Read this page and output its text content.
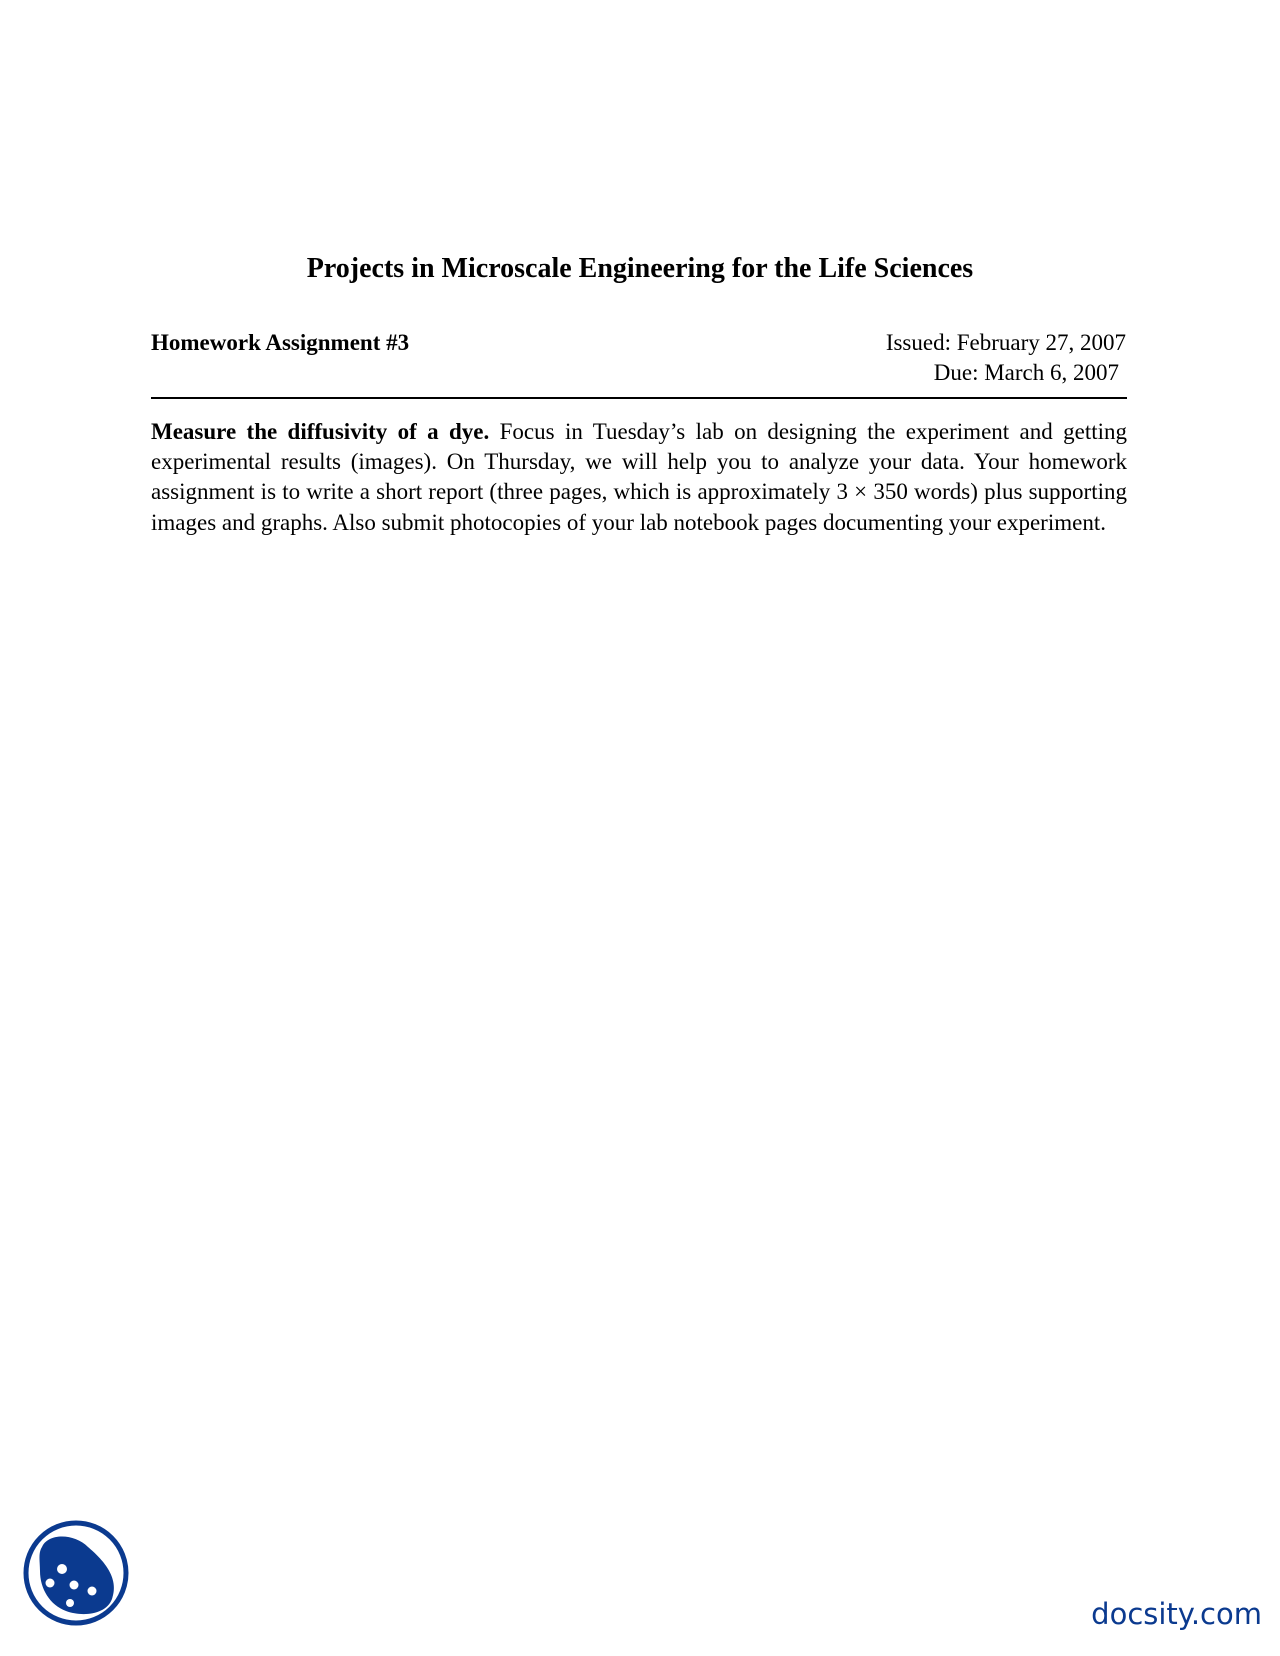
Projects in Microscale Engineering for the Life Sciences
Homework Assignment #3	Issued: February 27, 2007
Due: March 6, 2007
Measure the diffusivity of a dye. Focus in Tuesday’s lab on designing the experiment and getting experimental results (images). On Thursday, we will help you to analyze your data. Your homework assignment is to write a short report (three pages, which is approximately 3 × 350 words) plus supporting images and graphs. Also submit photocopies of your lab notebook pages documenting your experiment.
docsity.com
